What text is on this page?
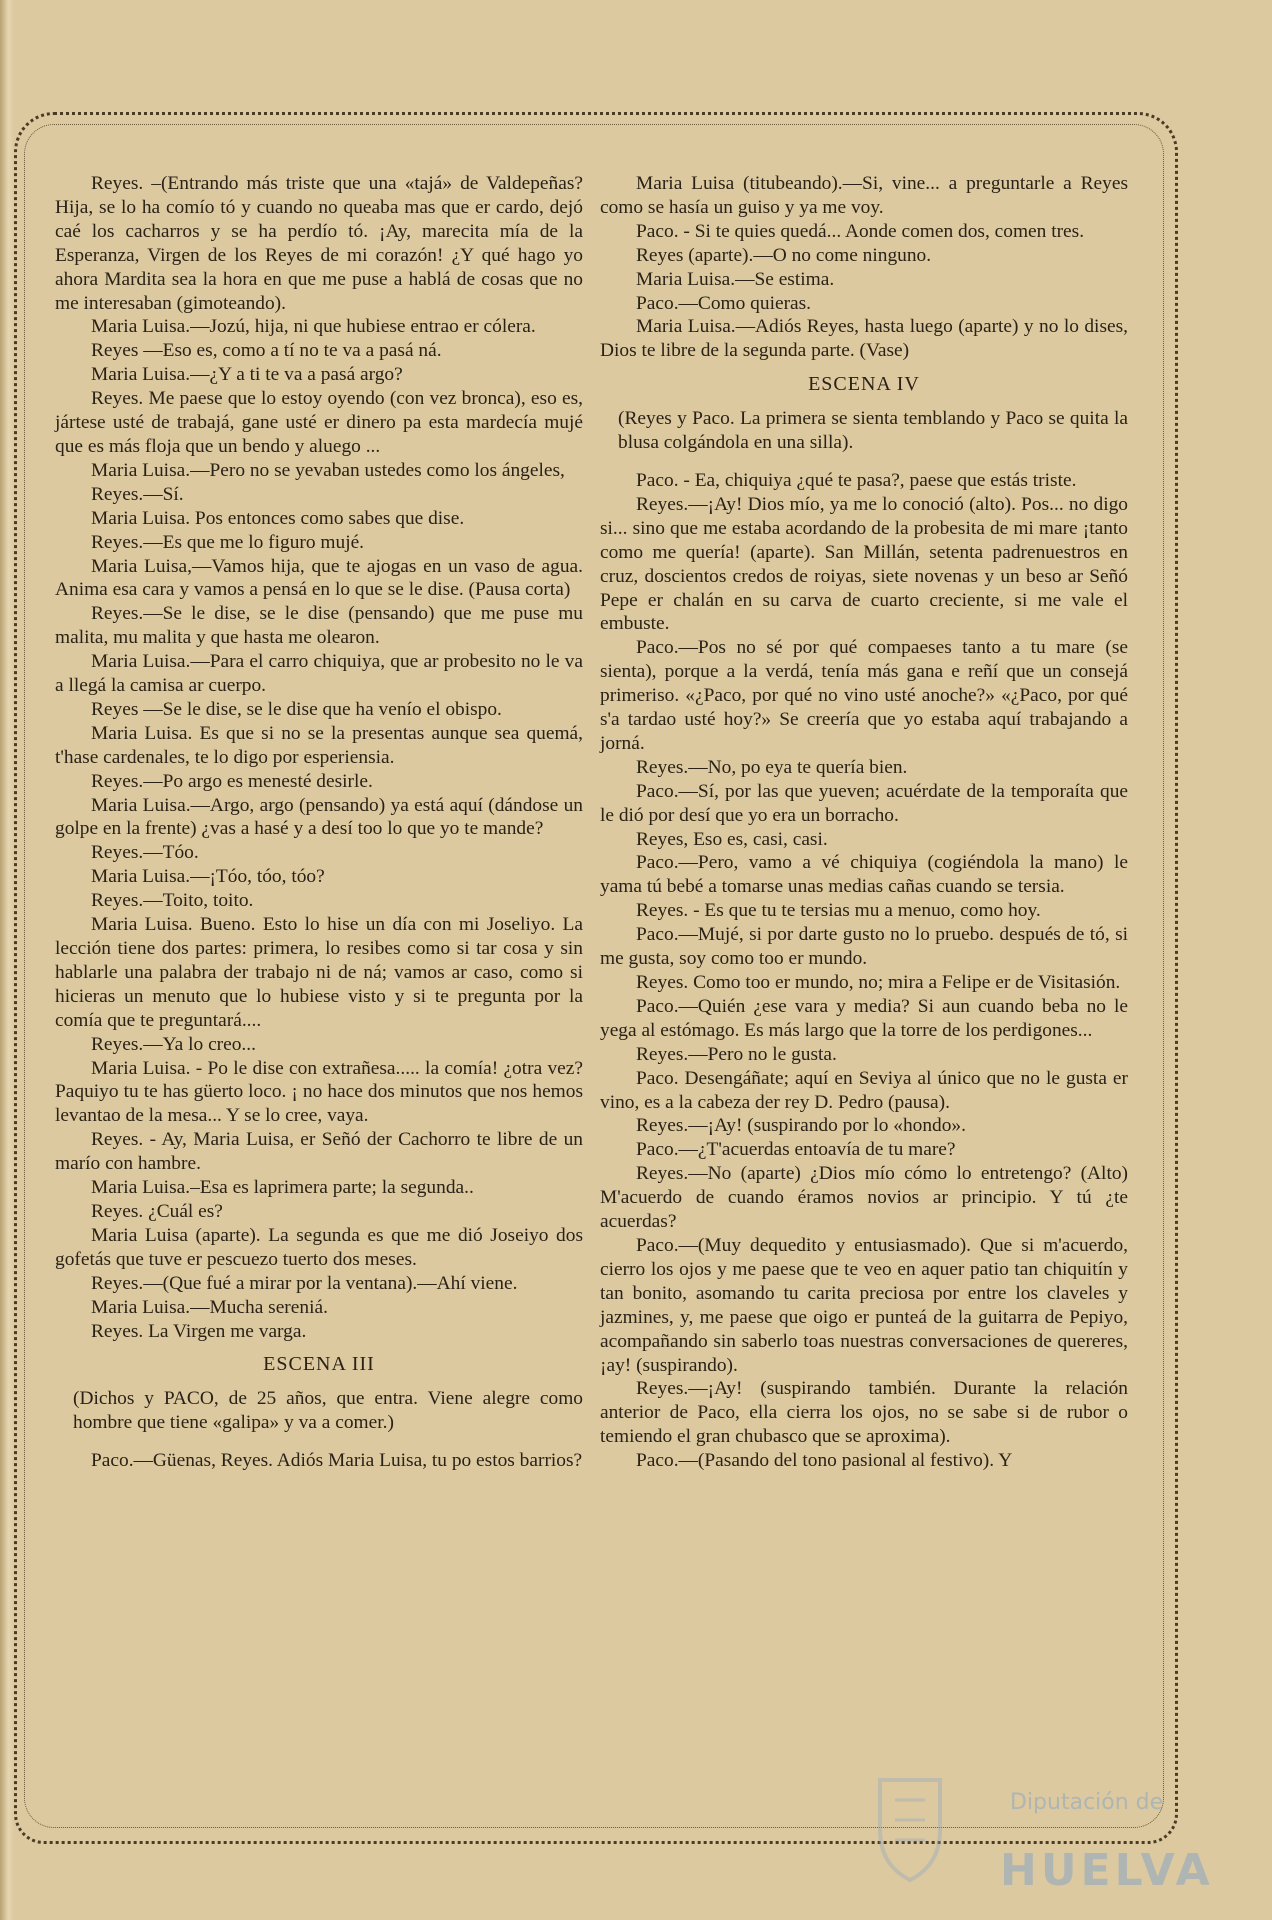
Reyes. –(Entrando más triste que una «tajá» de Valdepeñas? Hija, se lo ha comío tó y cuando no queaba mas que er cardo, dejó caé los cacharros y se ha perdío tó. ¡Ay, marecita mía de la Esperanza, Virgen de los Reyes de mi corazón! ¿Y qué hago yo ahora Mardita sea la hora en que me puse a hablá de cosas que no me interesaban (gimoteando).

Maria Luisa.—Jozú, hija, ni que hubiese entrao er cólera.

Reyes —Eso es, como a tí no te va a pasá ná.

Maria Luisa.—¿Y a ti te va a pasá argo?

Reyes. Me paese que lo estoy oyendo (con vez bronca), eso es, jártese usté de trabajá, gane usté er dinero pa esta mardecía mujé que es más floja que un bendo y aluego ...

Maria Luisa.—Pero no se yevaban ustedes como los ángeles,

Reyes.—Sí.

Maria Luisa. Pos entonces como sabes que dise.

Reyes.—Es que me lo figuro mujé.

Maria Luisa,—Vamos hija, que te ajogas en un vaso de agua. Anima esa cara y vamos a pensá en lo que se le dise. (Pausa corta)

Reyes.—Se le dise, se le dise (pensando) que me puse mu malita, mu malita y que hasta me olearon.

Maria Luisa.—Para el carro chiquiya, que ar probesito no le va a llegá la camisa ar cuerpo.

Reyes —Se le dise, se le dise que ha venío el obispo.

Maria Luisa. Es que si no se la presentas aunque sea quemá, t'hase cardenales, te lo digo por esperiensia.

Reyes.—Po argo es menesté desirle.

Maria Luisa.—Argo, argo (pensando) ya está aquí (dándose un golpe en la frente) ¿vas a hasé y a desí too lo que yo te mande?

Reyes.—Tóo.

Maria Luisa.—¡Tóo, tóo, tóo?

Reyes.—Toito, toito.

Maria Luisa. Bueno. Esto lo hise un día con mi Joseliyo. La lección tiene dos partes: primera, lo resibes como si tar cosa y sin hablarle una palabra der trabajo ni de ná; vamos ar caso, como si hicieras un menuto que lo hubiese visto y si te pregunta por la comía que te preguntará....

Reyes.—Ya lo creo...

Maria Luisa. - Po le dise con extrañesa..... la comía! ¿otra vez? Paquiyo tu te has güerto loco. ¡ no hace dos minutos que nos hemos levantao de la mesa... Y se lo cree, vaya.

Reyes. - Ay, Maria Luisa, er Señó der Cachorro te libre de un marío con hambre.

Maria Luisa.–Esa es laprimera parte; la segunda..

Reyes. ¿Cuál es?

Maria Luisa (aparte). La segunda es que me dió Joseiyo dos gofetás que tuve er pescuezo tuerto dos meses.

Reyes.—(Que fué a mirar por la ventana).—Ahí viene.

Maria Luisa.—Mucha sereniá.

Reyes. La Virgen me varga.

ESCENA III

(Dichos y PACO, de 25 años, que entra. Viene alegre como hombre que tiene «galipa» y va a comer.)

Paco.—Güenas, Reyes. Adiós Maria Luisa, tu po estos barrios?

Maria Luisa (titubeando).—Si, vine... a preguntarle a Reyes como se hasía un guiso y ya me voy.

Paco. - Si te quies quedá... Aonde comen dos, comen tres.

Reyes (aparte).—O no come ninguno.

Maria Luisa.—Se estima.

Paco.—Como quieras.

Maria Luisa.—Adiós Reyes, hasta luego (aparte) y no lo dises, Dios te libre de la segunda parte. (Vase)

ESCENA IV

(Reyes y Paco. La primera se sienta temblando y Paco se quita la blusa colgándola en una silla).

Paco. - Ea, chiquiya ¿qué te pasa?, paese que estás triste.

Reyes.—¡Ay! Dios mío, ya me lo conoció (alto). Pos... no digo si... sino que me estaba acordando de la probesita de mi mare ¡tanto como me quería! (aparte). San Millán, setenta padrenuestros en cruz, doscientos credos de roiyas, siete novenas y un beso ar Señó Pepe er chalán en su carva de cuarto creciente, si me vale el embuste.

Paco.—Pos no sé por qué compaeses tanto a tu mare (se sienta), porque a la verdá, tenía más gana e reñí que un consejá primeriso. «¿Paco, por qué no vino usté anoche?» «¿Paco, por qué s'a tardao usté hoy?» Se creería que yo estaba aquí trabajando a jorná.

Reyes.—No, po eya te quería bien.

Paco.—Sí, por las que yueven; acuérdate de la temporaíta que le dió por desí que yo era un borracho.

Reyes, Eso es, casi, casi.

Paco.—Pero, vamo a vé chiquiya (cogiéndola la mano) le yama tú bebé a tomarse unas medias cañas cuando se tersia.

Reyes. - Es que tu te tersias mu a menuo, como hoy.

Paco.—Mujé, si por darte gusto no lo pruebo. después de tó, si me gusta, soy como too er mundo.

Reyes. Como too er mundo, no; mira a Felipe er de Visitasión.

Paco.—Quién ¿ese vara y media? Si aun cuando beba no le yega al estómago. Es más largo que la torre de los perdigones...

Reyes.—Pero no le gusta.

Paco. Desengáñate; aquí en Seviya al único que no le gusta er vino, es a la cabeza der rey D. Pedro (pausa).

Reyes.—¡Ay! (suspirando por lo «hondo».

Paco.—¿T'acuerdas entoavía de tu mare?

Reyes.—No (aparte) ¿Dios mío cómo lo entretengo? (Alto) M'acuerdo de cuando éramos novios ar principio. Y tú ¿te acuerdas?

Paco.—(Muy dequedito y entusiasmado). Que si m'acuerdo, cierro los ojos y me paese que te veo en aquer patio tan chiquitín y tan bonito, asomando tu carita preciosa por entre los claveles y jazmines, y, me paese que oigo er punteá de la guitarra de Pepiyo, acompañando sin saberlo toas nuestras conversaciones de quereres, ¡ay! (suspirando).

Reyes.—¡Ay! (suspirando también. Durante la relación anterior de Paco, ella cierra los ojos, no se sabe si de rubor o temiendo el gran chubasco que se aproxima).

Paco.—(Pasando del tono pasional al festivo). Y

Diputación de
HUELVA
